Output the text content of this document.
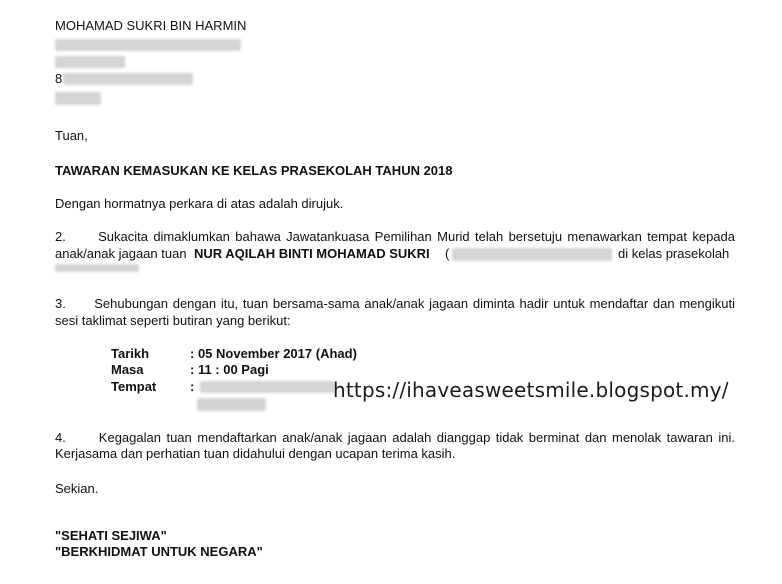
MOHAMAD SUKRI BIN HARMIN
8
Tuan,
TAWARAN KEMASUKAN KE KELAS PRASEKOLAH TAHUN 2018
Dengan hormatnya perkara di atas adalah dirujuk.
2.      Sukacita dimaklumkan bahawa Jawatankuasa Pemilihan Murid telah bersetuju menawarkan tempat kepada
anak/anak jagaan tuan NUR AQILAH BINTI MOHAMAD SUKRI (	di kelas prasekolah
3.      Sehubungan dengan itu, tuan bersama-sama anak/anak jagaan diminta hadir untuk mendaftar dan mengikuti
sesi taklimat seperti butiran yang berikut:
Tarikh	: 05 November 2017 (Ahad)
Masa	: 11 : 00 Pagi
Tempat	:	https://ihaveasweetsmile.blogspot.my/
4.      Kegagalan tuan mendaftarkan anak/anak jagaan adalah dianggap tidak berminat dan menolak tawaran ini.
Kerjasama dan perhatian tuan didahului dengan ucapan terima kasih.
Sekian.
"SEHATI SEJIWA"
"BERKHIDMAT UNTUK NEGARA"
